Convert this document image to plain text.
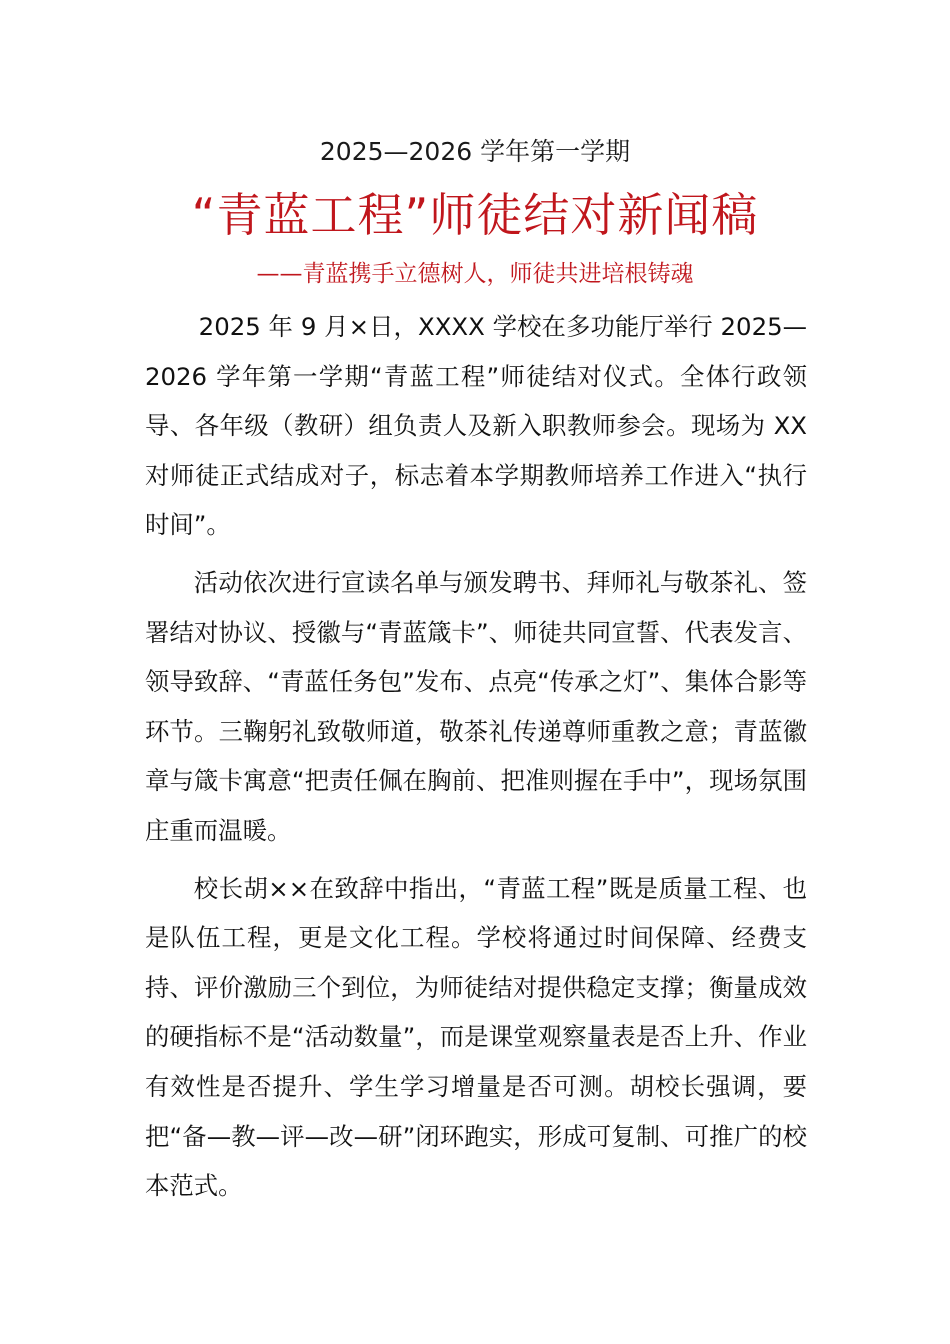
2025—2026 学年第一学期
“青蓝工程”师徒结对新闻稿
——青蓝携手立德树人，师徒共进培根铸魂

2025 年 9 月×日，XXXX 学校在多功能厅举行 2025—2026 学年第一学期“青蓝工程”师徒结对仪式。全体行政领导、各年级（教研）组负责人及新入职教师参会。现场为 XX 对师徒正式结成对子，标志着本学期教师培养工作进入“执行时间”。

活动依次进行宣读名单与颁发聘书、拜师礼与敬茶礼、签署结对协议、授徽与“青蓝箴卡”、师徒共同宣誓、代表发言、领导致辞、“青蓝任务包”发布、点亮“传承之灯”、集体合影等环节。三鞠躬礼致敬师道，敬茶礼传递尊师重教之意；青蓝徽章与箴卡寓意“把责任佩在胸前、把准则握在手中”，现场氛围庄重而温暖。

校长胡××在致辞中指出，“青蓝工程”既是质量工程、也是队伍工程，更是文化工程。学校将通过时间保障、经费支持、评价激励三个到位，为师徒结对提供稳定支撑；衡量成效的硬指标不是“活动数量”，而是课堂观察量表是否上升、作业有效性是否提升、学生学习增量是否可测。胡校长强调，要把“备—教—评—改—研”闭环跑实，形成可复制、可推广的校本范式。
